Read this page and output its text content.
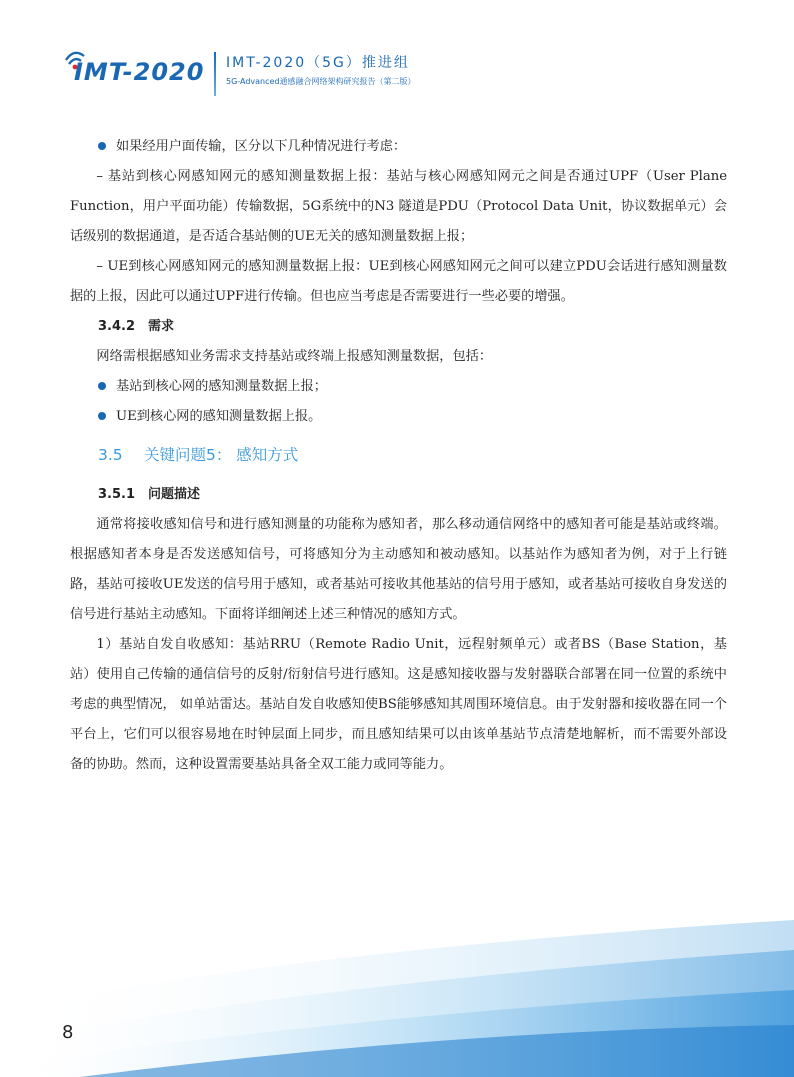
IMT-2020 IMT-2020（5G）推进组
5G-Advanced通感融合网络架构研究报告（第二版）

如果经用户面传输，区分以下几种情况进行考虑：

– 基站到核心网感知网元的感知测量数据上报：基站与核心网感知网元之间是否通过UPF（User Plane Function，用户平面功能）传输数据，5G系统中的N3 隧道是PDU（Protocol Data Unit，协议数据单元）会话级别的数据通道，是否适合基站侧的UE无关的感知测量数据上报；

– UE到核心网感知网元的感知测量数据上报：UE到核心网感知网元之间可以建立PDU会话进行感知测量数据的上报，因此可以通过UPF进行传输。但也应当考虑是否需要进行一些必要的增强。

3.4.2　需求

网络需根据感知业务需求支持基站或终端上报感知测量数据，包括：

基站到核心网的感知测量数据上报；

UE到核心网的感知测量数据上报。

3.5 关键问题5： 感知方式

3.5.1　问题描述

通常将接收感知信号和进行感知测量的功能称为感知者，那么移动通信网络中的感知者可能是基站或终端。根据感知者本身是否发送感知信号，可将感知分为主动感知和被动感知。以基站作为感知者为例，对于上行链路，基站可接收UE发送的信号用于感知，或者基站可接收其他基站的信号用于感知，或者基站可接收自身发送的信号进行基站主动感知。下面将详细阐述上述三种情况的感知方式。

1）基站自发自收感知：基站RRU（Remote Radio Unit，远程射频单元）或者BS（Base Station，基站）使用自己传输的通信信号的反射/衍射信号进行感知。这是感知接收器与发射器联合部署在同一位置的系统中考虑的典型情况， 如单站雷达。基站自发自收感知使BS能够感知其周围环境信息。由于发射器和接收器在同一个平台上，它们可以很容易地在时钟层面上同步，而且感知结果可以由该单基站节点清楚地解析，而不需要外部设备的协助。然而，这种设置需要基站具备全双工能力或同等能力。

8
